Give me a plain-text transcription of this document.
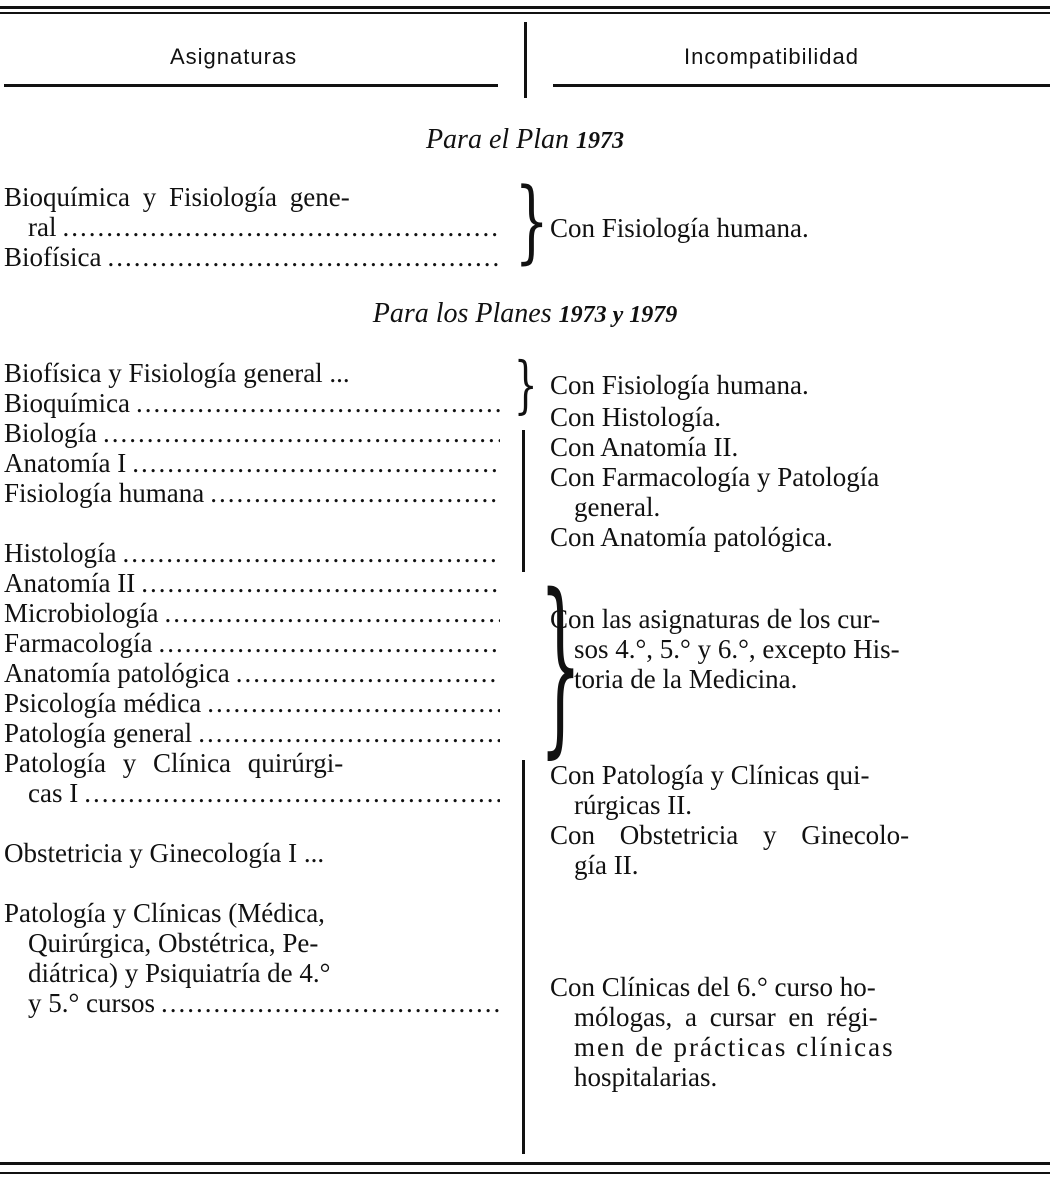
Asignaturas	Incompatibilidad
Para el Plan 1973
Bioquímica y Fisiología gene-
ral
.....
Biofísica
.....	} Con Fisiología humana.
Para los Planes 1973 y 1979
Biofísica y Fisiología general ...
Bioquímica
.....
Biología
.....
Anatomía I
.....
Fisiología humana
.....
Histología
.....
Anatomía II
.....
Microbiología
.....
Farmacología
.....
Anatomía patológica
.....
Psicología médica
.....
Patología general
.....
Patología y Clínica quirúrgi-
cas I
.....
Obstetricia y Ginecología I ...
Patología y Clínicas (Médica,
Quirúrgica, Obstétrica, Pe-
diátrica) y Psiquiatría de 4.°
y 5.° cursos
.....
}
}
Con Fisiología humana.
Con Histología.
Con Anatomía II.
Con Farmacología y Patología
general.
Con Anatomía patológica.
Con las asignaturas de los cur-
sos 4.°, 5.° y 6.°, excepto His-
toria de la Medicina.
Con Patología y Clínicas qui-
rúrgicas II.
Con Obstetricia y Ginecolo-
gía II.
Con Clínicas del 6.° curso ho-
mólogas, a cursar en régi-
men de prácticas clínicas
hospitalarias.
